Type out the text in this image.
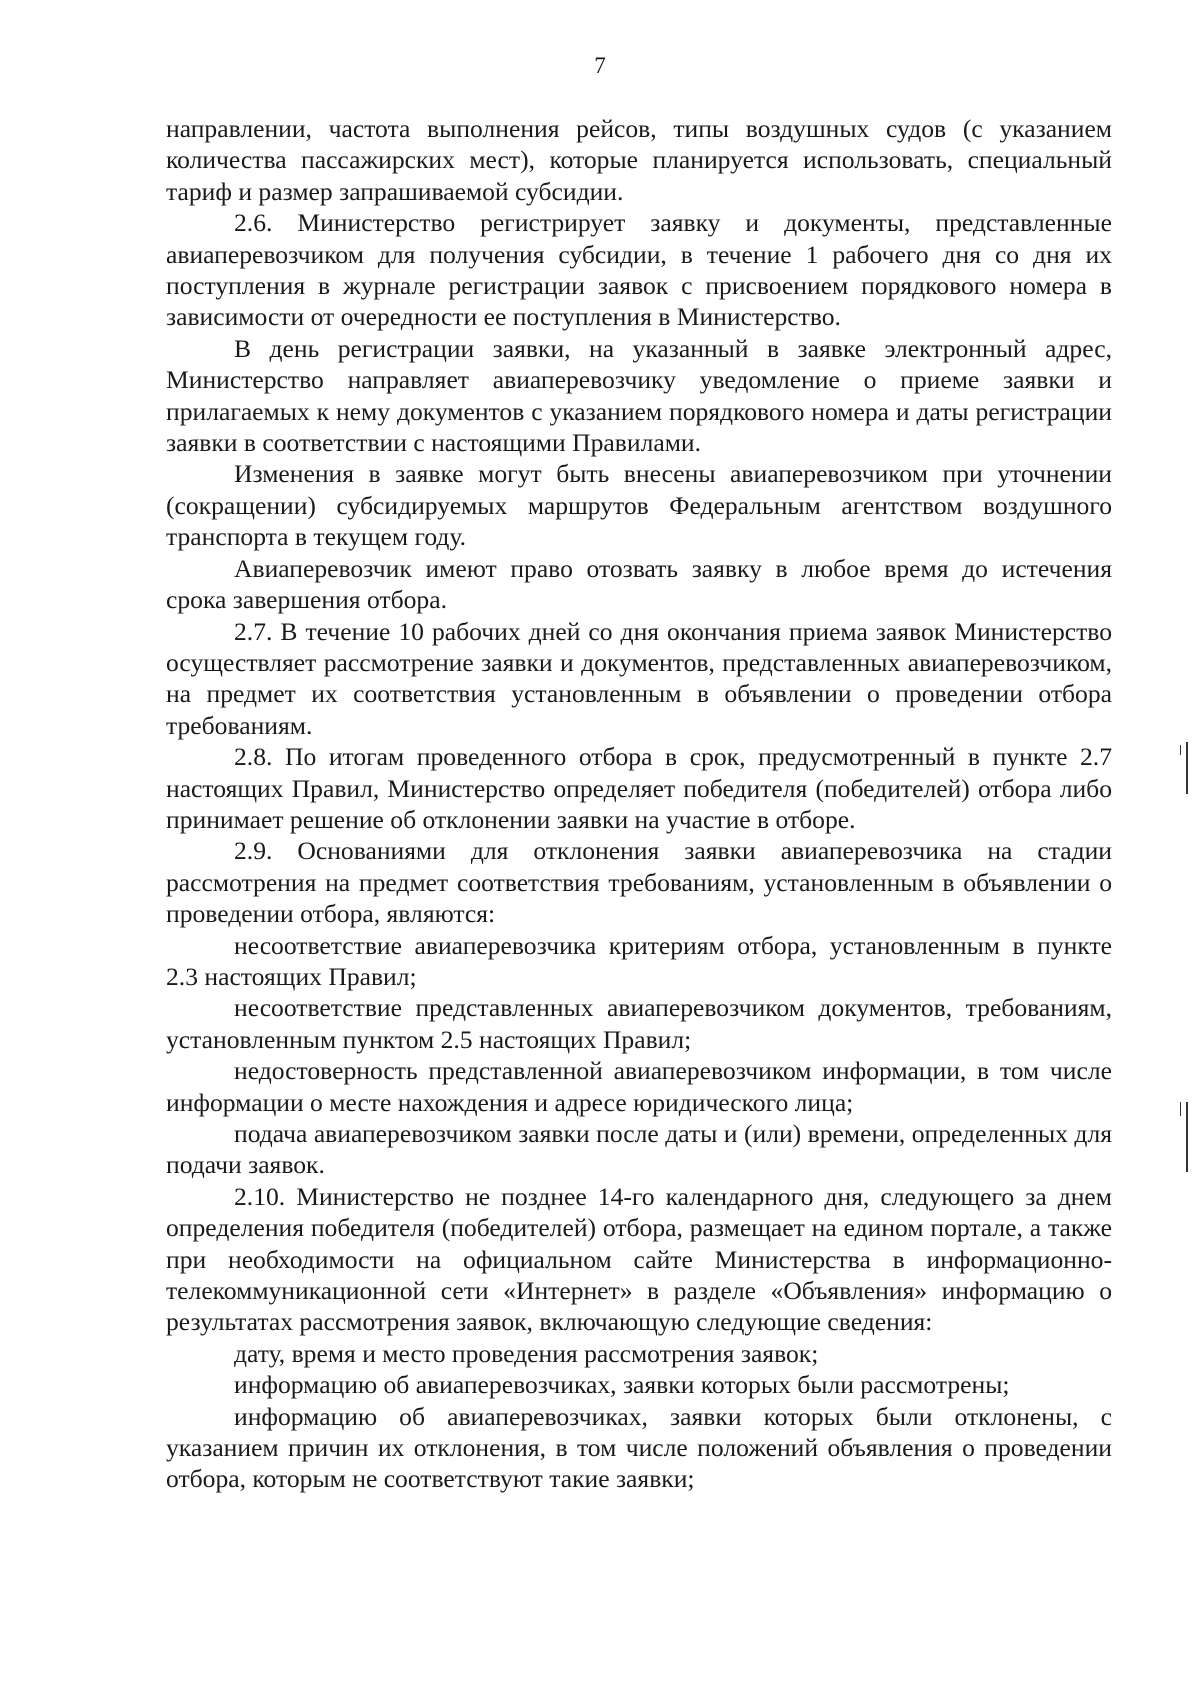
7

направлении, частота выполнения рейсов, типы воздушных судов (с указанием количества пассажирских мест), которые планируется использовать, специальный тариф и размер запрашиваемой субсидии.

2.6. Министерство регистрирует заявку и документы, представленные авиаперевозчиком для получения субсидии, в течение 1 рабочего дня со дня их поступления в журнале регистрации заявок с присвоением порядкового номера в зависимости от очередности ее поступления в Министерство.

В день регистрации заявки, на указанный в заявке электронный адрес, Министерство направляет авиаперевозчику уведомление о приеме заявки и прилагаемых к нему документов с указанием порядкового номера и даты регистрации заявки в соответствии с настоящими Правилами.

Изменения в заявке могут быть внесены авиаперевозчиком при уточнении (сокращении) субсидируемых маршрутов Федеральным агентством воздушного транспорта в текущем году.

Авиаперевозчик имеют право отозвать заявку в любое время до истечения срока завершения отбора.

2.7. В течение 10 рабочих дней со дня окончания приема заявок Министерство осуществляет рассмотрение заявки и документов, представленных авиаперевозчиком, на предмет их соответствия установленным в объявлении о проведении отбора требованиям.

2.8. По итогам проведенного отбора в срок, предусмотренный в пункте 2.7 настоящих Правил, Министерство определяет победителя (победителей) отбора либо принимает решение об отклонении заявки на участие в отборе.

2.9. Основаниями для отклонения заявки авиаперевозчика на стадии рассмотрения на предмет соответствия требованиям, установленным в объявлении о проведении отбора, являются:

несоответствие авиаперевозчика критериям отбора, установленным в пункте 2.3 настоящих Правил;

несоответствие представленных авиаперевозчиком документов, требованиям, установленным пунктом 2.5 настоящих Правил;

недостоверность представленной авиаперевозчиком информации, в том числе информации о месте нахождения и адресе юридического лица;

подача авиаперевозчиком заявки после даты и (или) времени, определенных для подачи заявок.

2.10. Министерство не позднее 14-го календарного дня, следующего за днем определения победителя (победителей) отбора, размещает на едином портале, а также при необходимости на официальном сайте Министерства в информационно-телекоммуникационной сети «Интернет» в разделе «Объявления» информацию о результатах рассмотрения заявок, включающую следующие сведения:

дату, время и место проведения рассмотрения заявок;

информацию об авиаперевозчиках, заявки которых были рассмотрены;

информацию об авиаперевозчиках, заявки которых были отклонены, с указанием причин их отклонения, в том числе положений объявления о проведении отбора, которым не соответствуют такие заявки;
